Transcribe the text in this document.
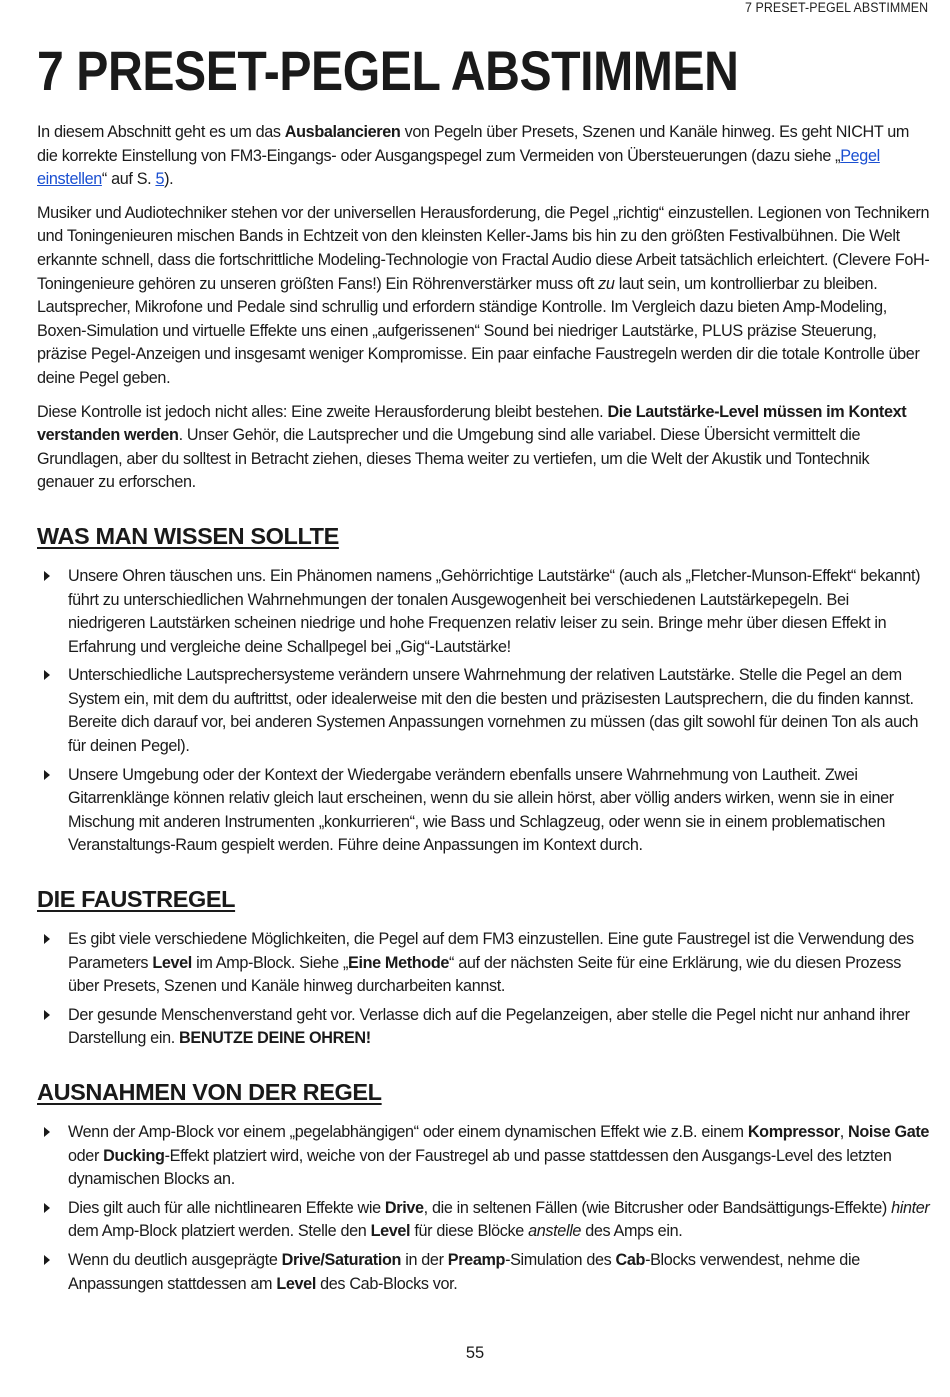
7 PRESET-PEGEL ABSTIMMEN
7 PRESET-PEGEL ABSTIMMEN

In diesem Abschnitt geht es um das Ausbalancieren von Pegeln über Presets, Szenen und Kanäle hinweg. Es geht NICHT um die korrekte Einstellung von FM3-Eingangs- oder Ausgangspegel zum Vermeiden von Übersteuerungen (dazu siehe „Pegel einstellen“ auf S. 5).

Musiker und Audiotechniker stehen vor der universellen Herausforderung, die Pegel „richtig“ einzustellen. Legionen von Technikern und Toningenieuren mischen Bands in Echtzeit von den kleinsten Keller-Jams bis hin zu den größten Festivalbühnen. Die Welt erkannte schnell, dass die fortschrittliche Modeling-Technologie von Fractal Audio diese Arbeit tatsächlich erleichtert. (Clevere FoH-Toningenieure gehören zu unseren größten Fans!) Ein Röhrenverstärker muss oft zu laut sein, um kontrollierbar zu bleiben. Lautsprecher, Mikrofone und Pedale sind schrullig und erfordern ständige Kontrolle. Im Vergleich dazu bieten Amp-Modeling, Boxen-Simulation und virtuelle Effekte uns einen „aufgerissenen“ Sound bei niedriger Lautstärke, PLUS präzise Steuerung, präzise Pegel-Anzeigen und insgesamt weniger Kompromisse. Ein paar einfache Faustregeln werden dir die totale Kontrolle über deine Pegel geben.

Diese Kontrolle ist jedoch nicht alles: Eine zweite Herausforderung bleibt bestehen. Die Lautstärke-Level müssen im Kontext verstanden werden. Unser Gehör, die Lautsprecher und die Umgebung sind alle variabel. Diese Übersicht vermittelt die Grundlagen, aber du solltest in Betracht ziehen, dieses Thema weiter zu vertiefen, um die Welt der Akustik und Tontechnik genauer zu erforschen.

WAS MAN WISSEN SOLLTE
Unsere Ohren täuschen uns. Ein Phänomen namens „Gehörrichtige Lautstärke“ (auch als „Fletcher-Munson-Effekt“ bekannt) führt zu unterschiedlichen Wahrnehmungen der tonalen Ausgewogenheit bei verschiedenen Lautstärkepegeln. Bei niedrigeren Lautstärken scheinen niedrige und hohe Frequenzen relativ leiser zu sein. Bringe mehr über diesen Effekt in Erfahrung und vergleiche deine Schallpegel bei „Gig“-Lautstärke!
Unterschiedliche Lautsprechersysteme verändern unsere Wahrnehmung der relativen Lautstärke. Stelle die Pegel an dem System ein, mit dem du auftrittst, oder idealerweise mit den die besten und präzisesten Lautsprechern, die du finden kannst. Bereite dich darauf vor, bei anderen Systemen Anpassungen vornehmen zu müssen (das gilt sowohl für deinen Ton als auch für deinen Pegel).
Unsere Umgebung oder der Kontext der Wiedergabe verändern ebenfalls unsere Wahrnehmung von Lautheit. Zwei Gitarrenklänge können relativ gleich laut erscheinen, wenn du sie allein hörst, aber völlig anders wirken, wenn sie in einer Mischung mit anderen Instrumenten „konkurrieren“, wie Bass und Schlagzeug, oder wenn sie in einem problematischen Veranstaltungs-Raum gespielt werden. Führe deine Anpassungen im Kontext durch.
DIE FAUSTREGEL
Es gibt viele verschiedene Möglichkeiten, die Pegel auf dem FM3 einzustellen. Eine gute Faustregel ist die Verwendung des Parameters Level im Amp-Block. Siehe „Eine Methode“ auf der nächsten Seite für eine Erklärung, wie du diesen Prozess über Presets, Szenen und Kanäle hinweg durcharbeiten kannst.
Der gesunde Menschenverstand geht vor. Verlasse dich auf die Pegelanzeigen, aber stelle die Pegel nicht nur anhand ihrer Darstellung ein. BENUTZE DEINE OHREN!
AUSNAHMEN VON DER REGEL
Wenn der Amp-Block vor einem „pegelabhängigen“ oder einem dynamischen Effekt wie z.B. einem Kompressor, Noise Gate oder Ducking-Effekt platziert wird, weiche von der Faustregel ab und passe stattdessen den Ausgangs-Level des letzten dynamischen Blocks an.
Dies gilt auch für alle nichtlinearen Effekte wie Drive, die in seltenen Fällen (wie Bitcrusher oder Bandsättigungs-Effekte) hinter dem Amp-Block platziert werden. Stelle den Level für diese Blöcke anstelle des Amps ein.
Wenn du deutlich ausgeprägte Drive/Saturation in der Preamp-Simulation des Cab-Blocks verwendest, nehme die Anpassungen stattdessen am Level des Cab-Blocks vor.
55
